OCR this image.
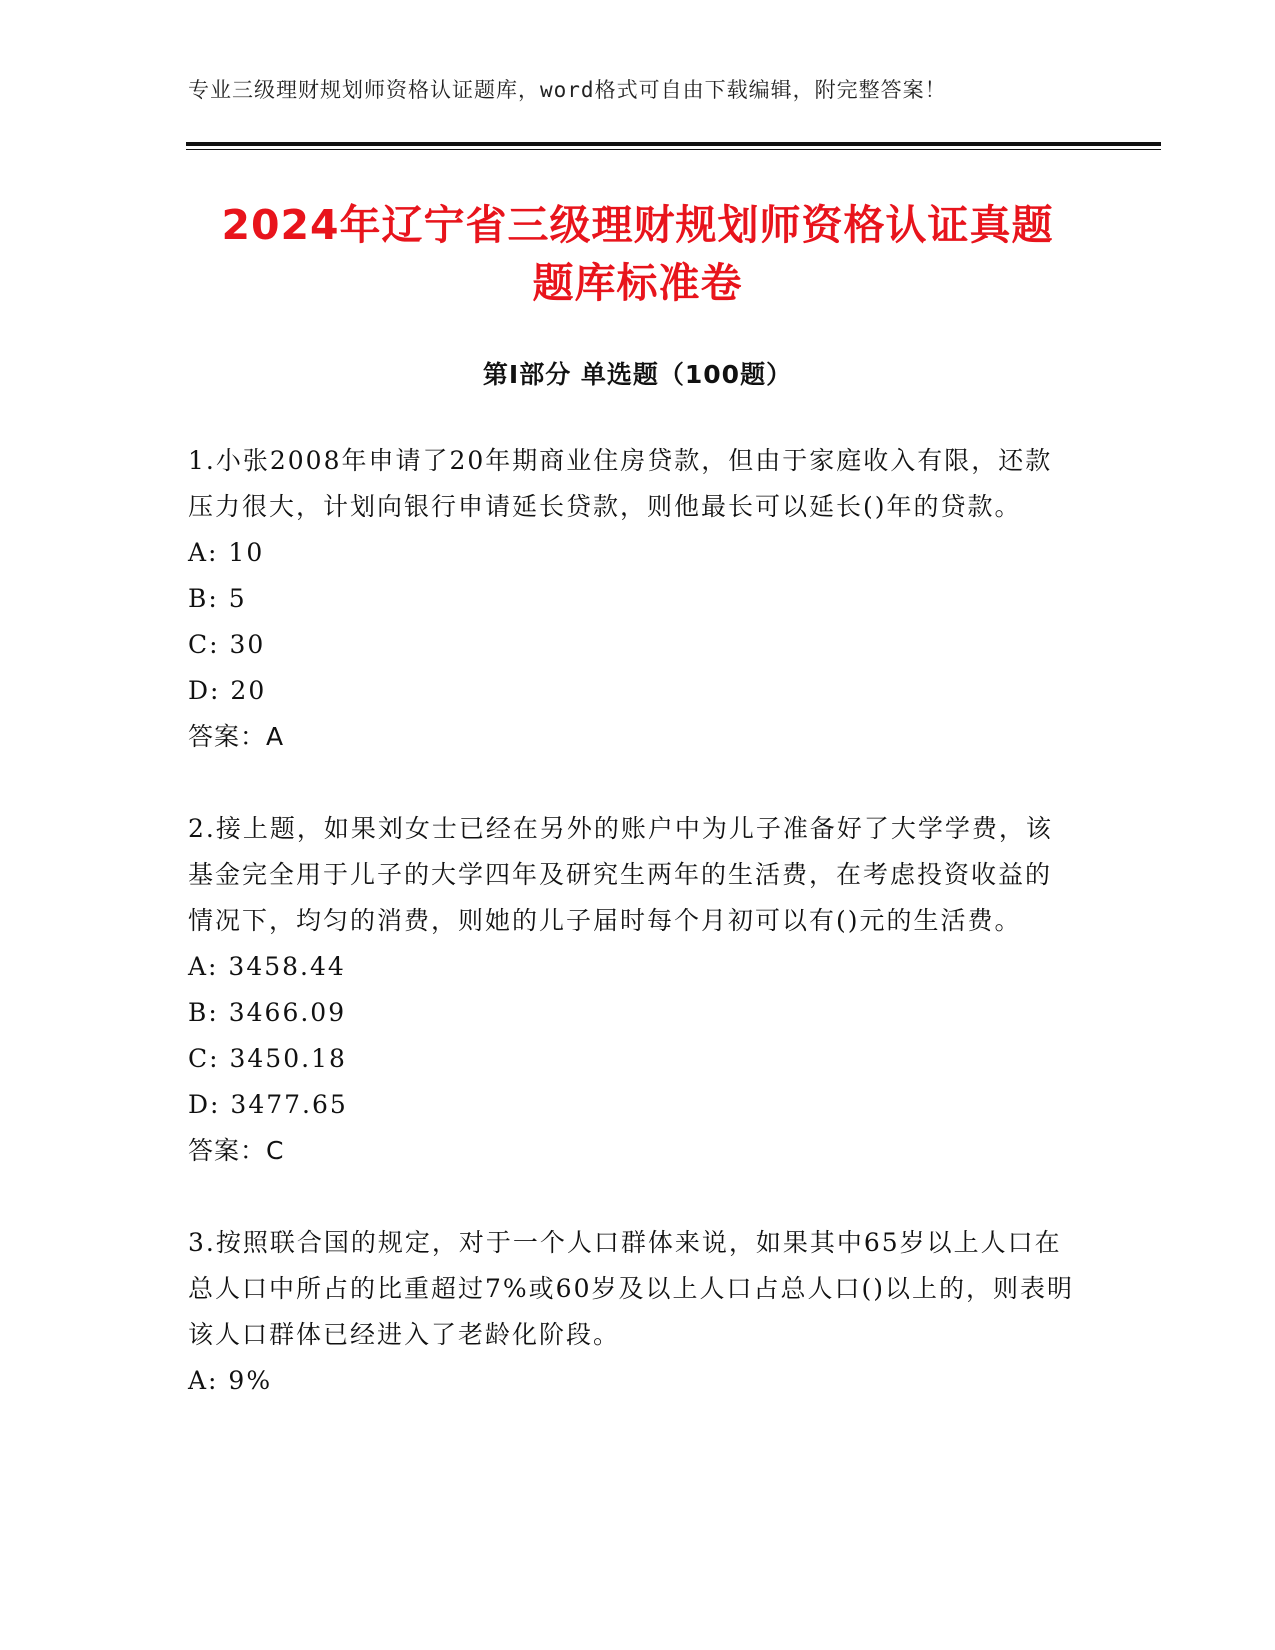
专业三级理财规划师资格认证题库，word格式可自由下载编辑，附完整答案！
2024年辽宁省三级理财规划师资格认证真题
题库标准卷
第I部分 单选题（100题）

1.小张2008年申请了20年期商业住房贷款，但由于家庭收入有限，还款压力很大，计划向银行申请延长贷款，则他最长可以延长()年的贷款。

A: 10

B: 5

C: 30

D: 20

答案：A

2.接上题，如果刘女士已经在另外的账户中为儿子准备好了大学学费，该基金完全用于儿子的大学四年及研究生两年的生活费，在考虑投资收益的情况下，均匀的消费，则她的儿子届时每个月初可以有()元的生活费。

A: 3458.44

B: 3466.09

C: 3450.18

D: 3477.65

答案：C

3.按照联合国的规定，对于一个人口群体来说，如果其中65岁以上人口在总人口中所占的比重超过7%或60岁及以上人口占总人口()以上的，则表明该人口群体已经进入了老龄化阶段。

A: 9%
